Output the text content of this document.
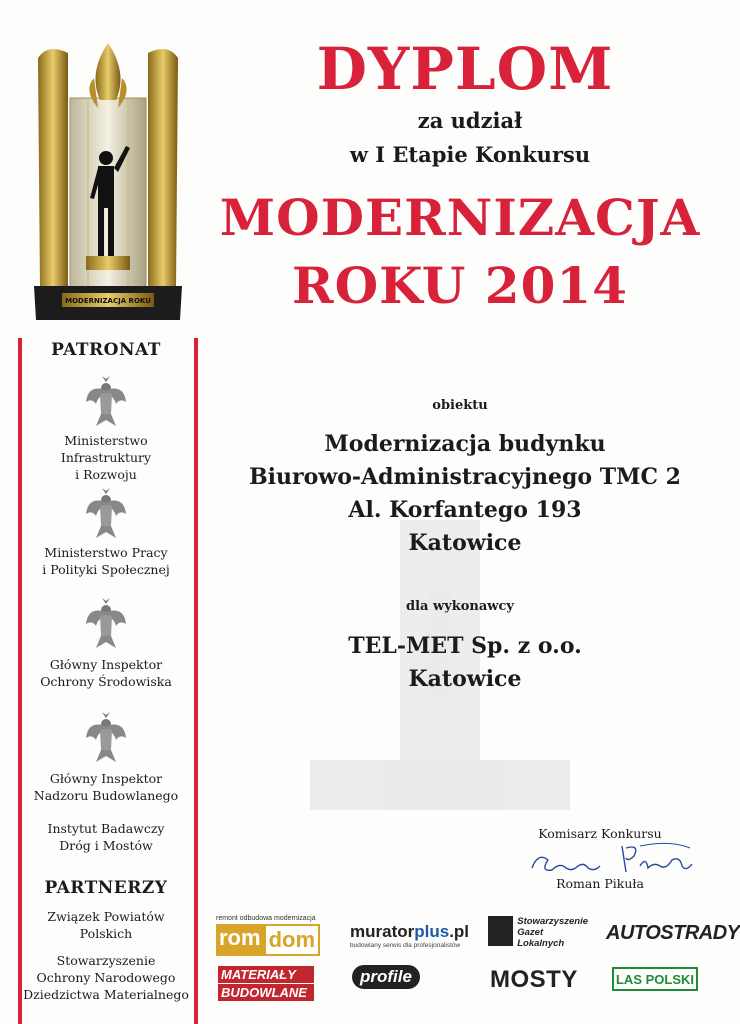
MODERNIZACJA ROKU
DYPLOM
za udział
w I Etapie Konkursu
MODERNIZACJA
ROKU 2014
PATRONAT
Ministerstwo Infrastruktury
i Rozwoju
Ministerstwo Pracy
i Polityki Społecznej
Główny Inspektor
Ochrony Środowiska
Główny Inspektor
Nadzoru Budowlanego
Instytut Badawczy
Dróg i Mostów
PARTNERZY
Związek Powiatów
Polskich
Stowarzyszenie
Ochrony Narodowego
Dziedzictwa Materialnego
obiektu
Modernizacja budynku
Biurowo-Administracyjnego TMC 2
Al. Korfantego 193
Katowice
dla wykonawcy
TEL-MET Sp. z o.o.
Katowice
Komisarz Konkursu
Roman Pikuła
remont odbudowa modernizacja
rom dom muratorplus.pl
budowlany serwis dla profesjonalistów
Stowarzyszenie
Gazet
Lokalnych	AUTOSTRADY
MATERIAŁY
BUDOWLANE
profile	MOSTY	LAS POLSKI
